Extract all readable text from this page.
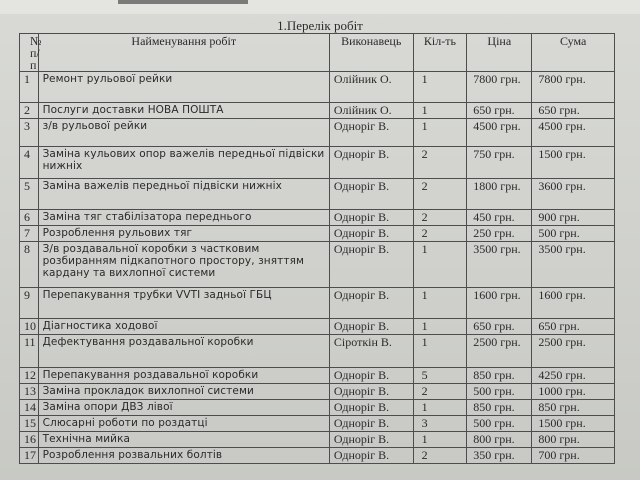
1.Перелік робіт
№ п/п	Найменування робіт	Виконавець	Кіл-ть	Ціна	Сума
1	Ремонт рульової рейки	Олійник О.	1	7800 грн.	7800 грн.
2	Послуги доставки НОВА ПОШТА	Олійник О.	1	650 грн.	650 грн.
3	з/в рульової рейки	Одноріг В.	1	4500 грн.	4500 грн.
4	Заміна кульових опор важелів передньої підвіски нижніх	Одноріг В.	2	750 грн.	1500 грн.
5	Заміна важелів передньої підвіски нижніх	Одноріг В.	2	1800 грн.	3600 грн.
6	Заміна тяг стабілізатора переднього	Одноріг В.	2	450 грн.	900 грн.
7	Розроблення рульових тяг	Одноріг В.	2	250 грн.	500 грн.
8	З/в роздавальної коробки з частковим розбиранням підкапотного простору, зняттям кардану та вихлопної системи	Одноріг В.	1	3500 грн.	3500 грн.
9	Перепакування трубки VVTI задньої ГБЦ	Одноріг В.	1	1600 грн.	1600 грн.
10	Діагностика ходової	Одноріг В.	1	650 грн.	650 грн.
11	Дефектування роздавальної коробки	Сіроткін В.	1	2500 грн.	2500 грн.
12	Перепакування роздавальної коробки	Одноріг В.	5	850 грн.	4250 грн.
13	Заміна прокладок вихлопної системи	Одноріг В.	2	500 грн.	1000 грн.
14	Заміна опори ДВЗ лівої	Одноріг В.	1	850 грн.	850 грн.
15	Слюсарні роботи по роздатці	Одноріг В.	3	500 грн.	1500 грн.
16	Технічна мийка	Одноріг В.	1	800 грн.	800 грн.
17	Розроблення розвальних болтів	Одноріг В.	2	350 грн.	700 грн.
